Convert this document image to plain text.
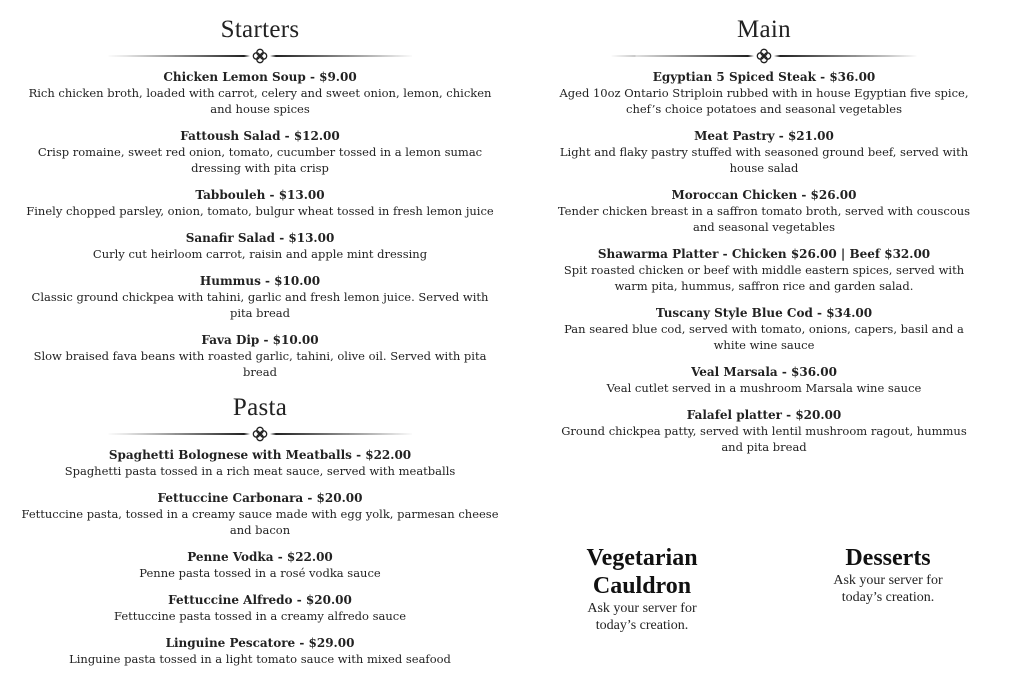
Starters
Chicken Lemon Soup - $9.00
Rich chicken broth, loaded with carrot, celery and sweet onion, lemon, chicken and house spices
Fattoush Salad - $12.00
Crisp romaine, sweet red onion, tomato, cucumber tossed in a lemon sumac dressing with pita crisp
Tabbouleh - $13.00
Finely chopped parsley, onion, tomato, bulgur wheat tossed in fresh lemon juice
Sanafir Salad - $13.00
Curly cut heirloom carrot, raisin and apple mint dressing
Hummus - $10.00
Classic ground chickpea with tahini, garlic and fresh lemon juice. Served with pita bread
Fava Dip - $10.00
Slow braised fava beans with roasted garlic, tahini, olive oil. Served with pita bread
Pasta
Spaghetti Bolognese with Meatballs - $22.00
Spaghetti pasta tossed in a rich meat sauce, served with meatballs
Fettuccine Carbonara - $20.00
Fettuccine pasta, tossed in a creamy sauce made with egg yolk, parmesan cheese and bacon
Penne Vodka - $22.00
Penne pasta tossed in a rosé vodka sauce
Fettuccine Alfredo - $20.00
Fettuccine pasta tossed in a creamy alfredo sauce
Linguine Pescatore - $29.00
Linguine pasta tossed in a light tomato sauce with mixed seafood
Main
Egyptian 5 Spiced Steak - $36.00
Aged 10oz Ontario Striploin rubbed with in house Egyptian five spice, chef’s choice potatoes and seasonal vegetables
Meat Pastry - $21.00
Light and flaky pastry stuffed with seasoned ground beef, served with house salad
Moroccan Chicken - $26.00
Tender chicken breast in a saffron tomato broth, served with couscous and seasonal vegetables
Shawarma Platter - Chicken $26.00 | Beef $32.00
Spit roasted chicken or beef with middle eastern spices, served with warm pita, hummus, saffron rice and garden salad.
Tuscany Style Blue Cod - $34.00
Pan seared blue cod, served with tomato, onions, capers, basil and a white wine sauce
Veal Marsala - $36.00
Veal cutlet served in a mushroom Marsala wine sauce
Falafel platter - $20.00
Ground chickpea patty, served with lentil mushroom ragout, hummus and pita bread
Vegetarian
Cauldron
Ask your server for
today’s creation.
Desserts
Ask your server for
today’s creation.
